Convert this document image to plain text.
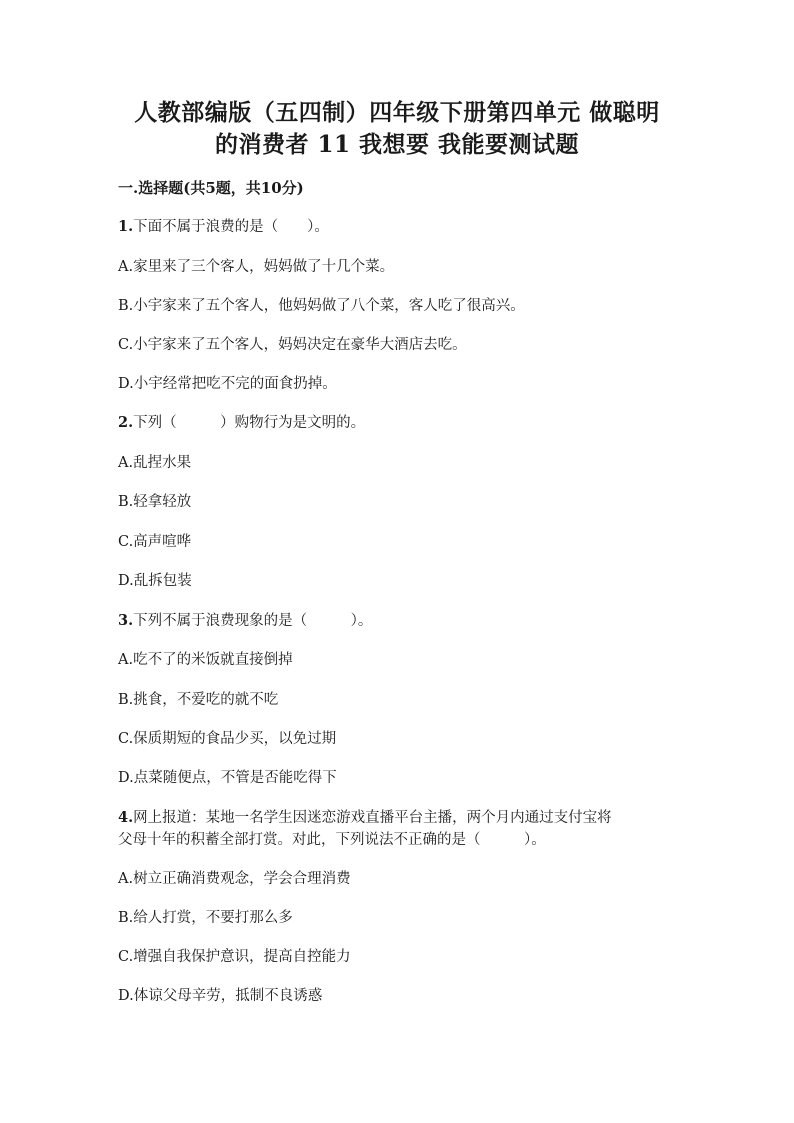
人教部编版（五四制）四年级下册第四单元 做聪明
的消费者 11 我想要 我能要测试题
一.选择题(共5题，共10分)
1.下面不属于浪费的是（　　）。
A.家里来了三个客人，妈妈做了十几个菜。
B.小宇家来了五个客人，他妈妈做了八个菜，客人吃了很高兴。
C.小宇家来了五个客人，妈妈决定在豪华大酒店去吃。
D.小宇经常把吃不完的面食扔掉。
2.下列（　　　）购物行为是文明的。
A.乱捏水果
B.轻拿轻放
C.高声喧哗
D.乱拆包装
3.下列不属于浪费现象的是（　　　）。
A.吃不了的米饭就直接倒掉
B.挑食，不爱吃的就不吃
C.保质期短的食品少买，以免过期
D.点菜随便点，不管是否能吃得下
4.网上报道：某地一名学生因迷恋游戏直播平台主播，两个月内通过支付宝将
父母十年的积蓄全部打赏。对此，下列说法不正确的是（　　　）。
A.树立正确消费观念，学会合理消费
B.给人打赏，不要打那么多
C.增强自我保护意识，提高自控能力
D.体谅父母辛劳，抵制不良诱惑
